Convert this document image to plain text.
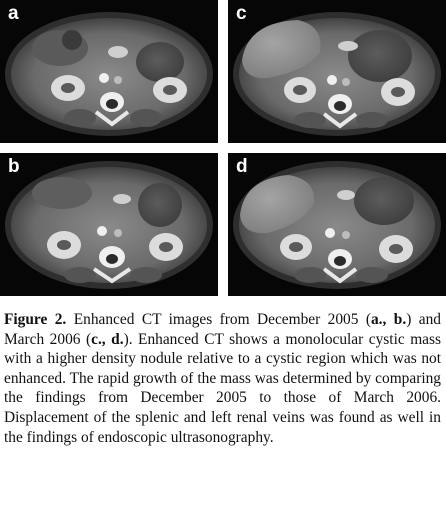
a	c
b	d
Figure 2. Enhanced CT images from December 2005 (a., b.) and March 2006 (c., d.). Enhanced CT shows a monolocular cystic mass with a higher density nodule relative to a cystic region which was not enhanced. The rapid growth of the mass was determined by comparing the findings from December 2005 to those of March 2006. Displacement of the splenic and left renal veins was found as well in the findings of endoscopic ultrasonography.
